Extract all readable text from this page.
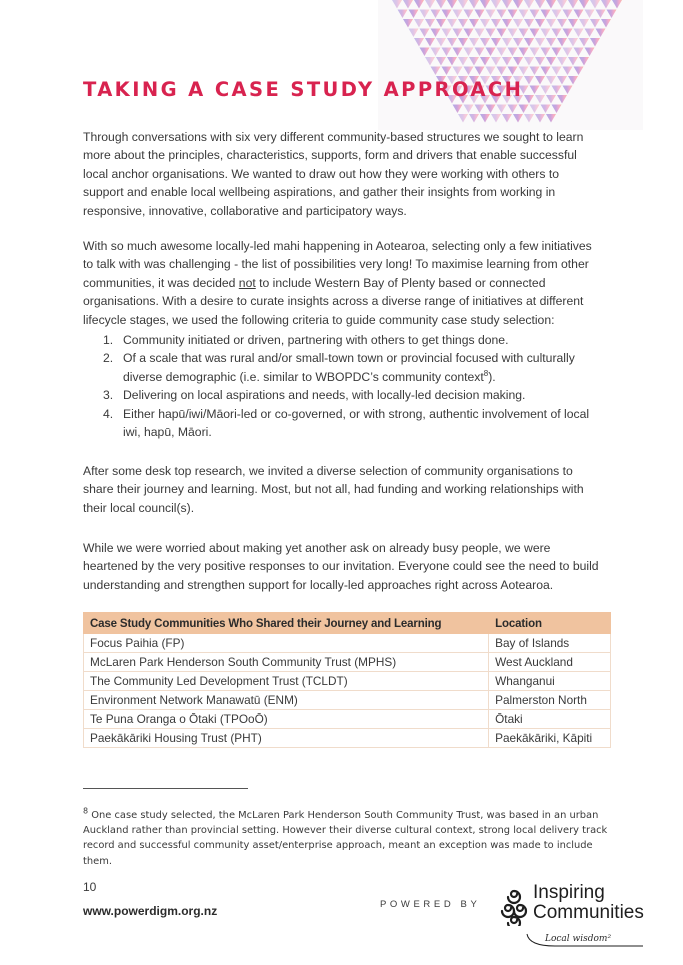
TAKING A CASE STUDY APPROACH

Through conversations with six very different community-based structures we sought to learn more about the principles, characteristics, supports, form and drivers that enable successful local anchor organisations. We wanted to draw out how they were working with others to support and enable local wellbeing aspirations, and gather their insights from working in responsive, innovative, collaborative and participatory ways.

With so much awesome locally-led mahi happening in Aotearoa, selecting only a few initiatives to talk with was challenging - the list of possibilities very long! To maximise learning from other communities, it was decided not to include Western Bay of Plenty based or connected organisations. With a desire to curate insights across a diverse range of initiatives at different lifecycle stages, we used the following criteria to guide community case study selection:

1. Community initiated or driven, partnering with others to get things done.
2. Of a scale that was rural and/or small-town town or provincial focused with culturally diverse demographic (i.e. similar to WBOPDC’s community context$^8$).
3. Delivering on local aspirations and needs, with locally-led decision making.
4. Either hapū/iwi/Māori-led or co-governed, or with strong, authentic involvement of local iwi, hapū, Māori.

After some desk top research, we invited a diverse selection of community organisations to share their journey and learning. Most, but not all, had funding and working relationships with their local council(s).

While we were worried about making yet another ask on already busy people, we were heartened by the very positive responses to our invitation. Everyone could see the need to build understanding and strengthen support for locally-led approaches right across Aotearoa.

Case Study Communities Who Shared their Journey and Learning	Location
Focus Paihia (FP)	Bay of Islands
McLaren Park Henderson South Community Trust (MPHS)	West Auckland
The Community Led Development Trust (TCLDT)	Whanganui
Environment Network Manawatū (ENM)	Palmerston North
Te Puna Oranga o Ōtaki (TPOoŌ)	Ōtaki
Paekākāriki Housing Trust (PHT)	Paekākāriki, Kāpiti

$^8$ One case study selected, the McLaren Park Henderson South Community Trust, was based in an urban Auckland rather than provincial setting. However their diverse cultural context, strong local delivery track record and successful community asset/enterprise approach, meant an exception was made to include them.

10
www.powerdigm.org.nz	POWERED BY
Inspiring
Communities
Local wisdom²
